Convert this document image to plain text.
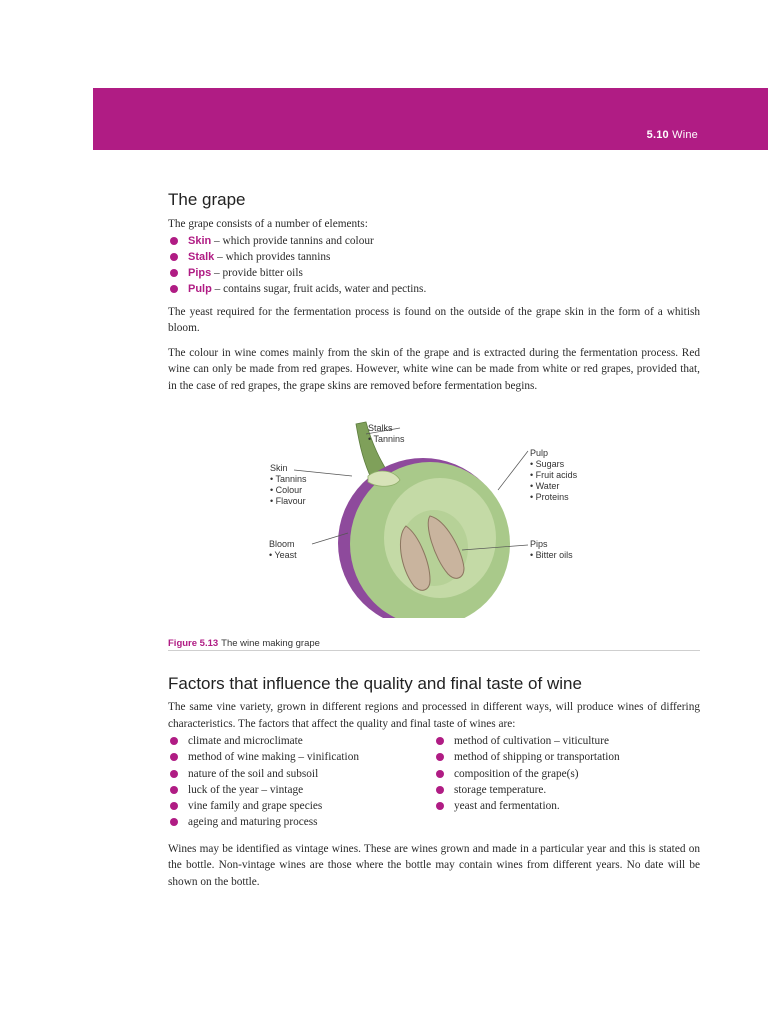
5.10 Wine
The grape

The grape consists of a number of elements:

Skin – which provide tannins and colour
Stalk – which provides tannins
Pips – provide bitter oils
Pulp – contains sugar, fruit acids, water and pectins.

The yeast required for the fermentation process is found on the outside of the grape skin in the form of a whitish bloom.

The colour in wine comes mainly from the skin of the grape and is extracted during the fermentation process. Red wine can only be made from red grapes. However, white wine can be made from white or red grapes, provided that, in the case of red grapes, the grape skins are removed before fermentation begins.

Stalks • Tannins
Skin • Tannins • Colour • Flavour
Bloom • Yeast
Pulp • Sugars • Fruit acids • Water • Proteins
Pips • Bitter oils
Figure 5.13 The wine making grape
Factors that influence the quality and final taste of wine

The same vine variety, grown in different regions and processed in different ways, will produce wines of differing characteristics. The factors that affect the quality and final taste of wines are:

climate and microclimate
method of wine making – vinification
nature of the soil and subsoil
luck of the year – vintage
vine family and grape species
ageing and maturing process
method of cultivation – viticulture
method of shipping or transportation
composition of the grape(s)
storage temperature.
yeast and fermentation.

Wines may be identified as vintage wines. These are wines grown and made in a particular year and this is stated on the bottle. Non-vintage wines are those where the bottle may contain wines from different years. No date will be shown on the bottle.
